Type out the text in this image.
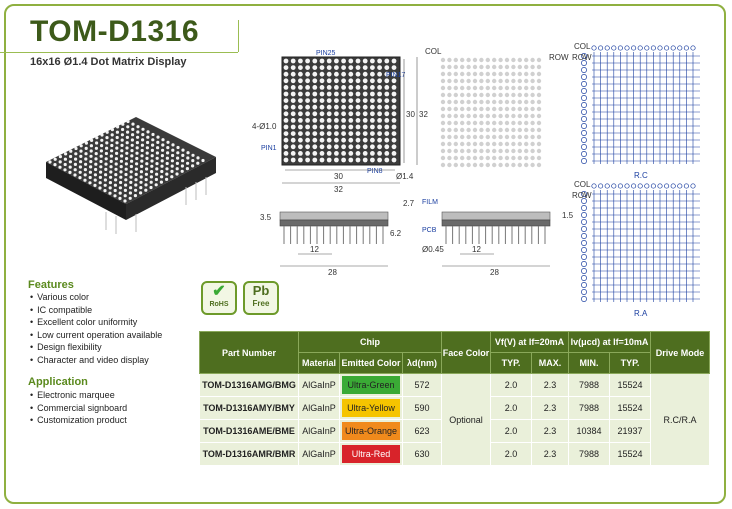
TOM-D1316
16x16 Ø1.4 Dot Matrix Display
PIN25
PIN17
PIN1
PIN8
4-Ø1.0
Ø1.4
30
32
30 32
2.7
3.5
6.2
12
28
FILM
PCB
1.5
Ø0.45	12
28
COL
ROW
COL
ROW
R.C
COL
ROW
R.A
Features
• Various color
• IC compatible
• Excellent color uniformity
• Low current operation available
• Design flexibility
• Character and video display
Application
• Electronic marquee
• Commercial signboard
• Customization product
✔
RoHS
Pb
Free
Part Number	Chip			Face Color	Vf(V) at If=20mA		Iv(μcd) at If=10mA		Drive Mode
	Material	Emitted Color	λd(nm)		TYP.	MAX.	MIN.	TYP.	
TOM-D1316AMG/BMG	AlGaInP	Ultra-Green	572	Optional	2.0	2.3	7988	15524	R.C/R.A
TOM-D1316AMY/BMY	AlGaInP	Ultra-Yellow	590		2.0	2.3	7988	15524	
TOM-D1316AME/BME	AlGaInP	Ultra-Orange	623		2.0	2.3	10384	21937	
TOM-D1316AMR/BMR	AlGaInP	Ultra-Red	630		2.0	2.3	7988	15524	
